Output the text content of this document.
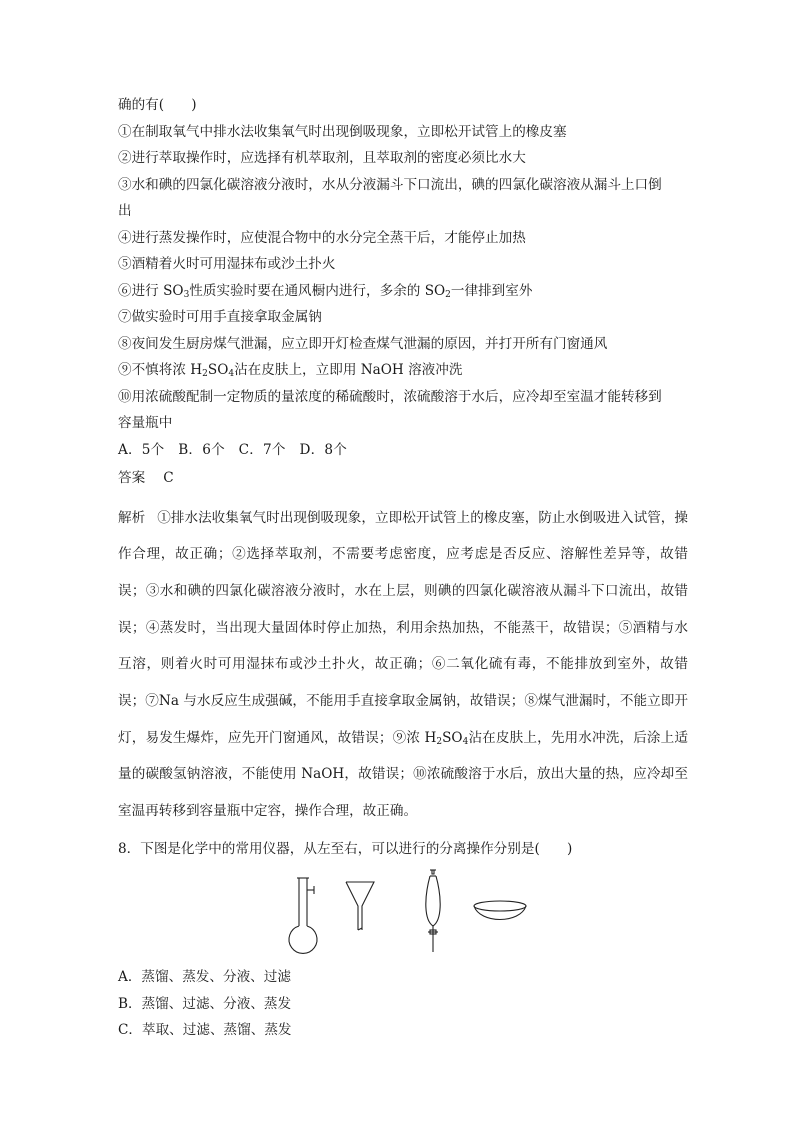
确的有(　　)
①在制取氧气中排水法收集氧气时出现倒吸现象，立即松开试管上的橡皮塞
②进行萃取操作时，应选择有机萃取剂，且萃取剂的密度必须比水大
③水和碘的四氯化碳溶液分液时，水从分液漏斗下口流出，碘的四氯化碳溶液从漏斗上口倒
出
④进行蒸发操作时，应使混合物中的水分完全蒸干后，才能停止加热
⑤酒精着火时可用湿抹布或沙土扑火
⑥进行 $SO_3$性质实验时要在通风橱内进行，多余的 $SO_2$一律排到室外
⑦做实验时可用手直接拿取金属钠
⑧夜间发生厨房煤气泄漏，应立即开灯检查煤气泄漏的原因，并打开所有门窗通风
⑨不慎将浓 $H_2SO_4$沾在皮肤上，立即用 NaOH 溶液冲洗
⑩用浓硫酸配制一定物质的量浓度的稀硫酸时，浓硫酸溶于水后，应冷却至室温才能转移到
容量瓶中
A．5个　B．6个　C．7个　D．8个
答案 C
解析 ①排水法收集氧气时出现倒吸现象，立即松开试管上的橡皮塞，防止水倒吸进入试管，操作合理，故正确；②选择萃取剂，不需要考虑密度，应考虑是否反应、溶解性差异等，故错误；③水和碘的四氯化碳溶液分液时，水在上层，则碘的四氯化碳溶液从漏斗下口流出，故错误；④蒸发时，当出现大量固体时停止加热，利用余热加热，不能蒸干，故错误；⑤酒精与水互溶，则着火时可用湿抹布或沙土扑火，故正确；⑥二氧化硫有毒，不能排放到室外，故错误；⑦Na 与水反应生成强碱，不能用手直接拿取金属钠，故错误；⑧煤气泄漏时，不能立即开灯，易发生爆炸，应先开门窗通风，故错误；⑨浓 $H_2SO_4$沾在皮肤上，先用水冲洗，后涂上适量的碳酸氢钠溶液，不能使用 NaOH，故错误；⑩浓硫酸溶于水后，放出大量的热，应冷却至室温再转移到容量瓶中定容，操作合理，故正确。
8．下图是化学中的常用仪器，从左至右，可以进行的分离操作分别是(　　)
A．蒸馏、蒸发、分液、过滤
B．蒸馏、过滤、分液、蒸发
C．萃取、过滤、蒸馏、蒸发
